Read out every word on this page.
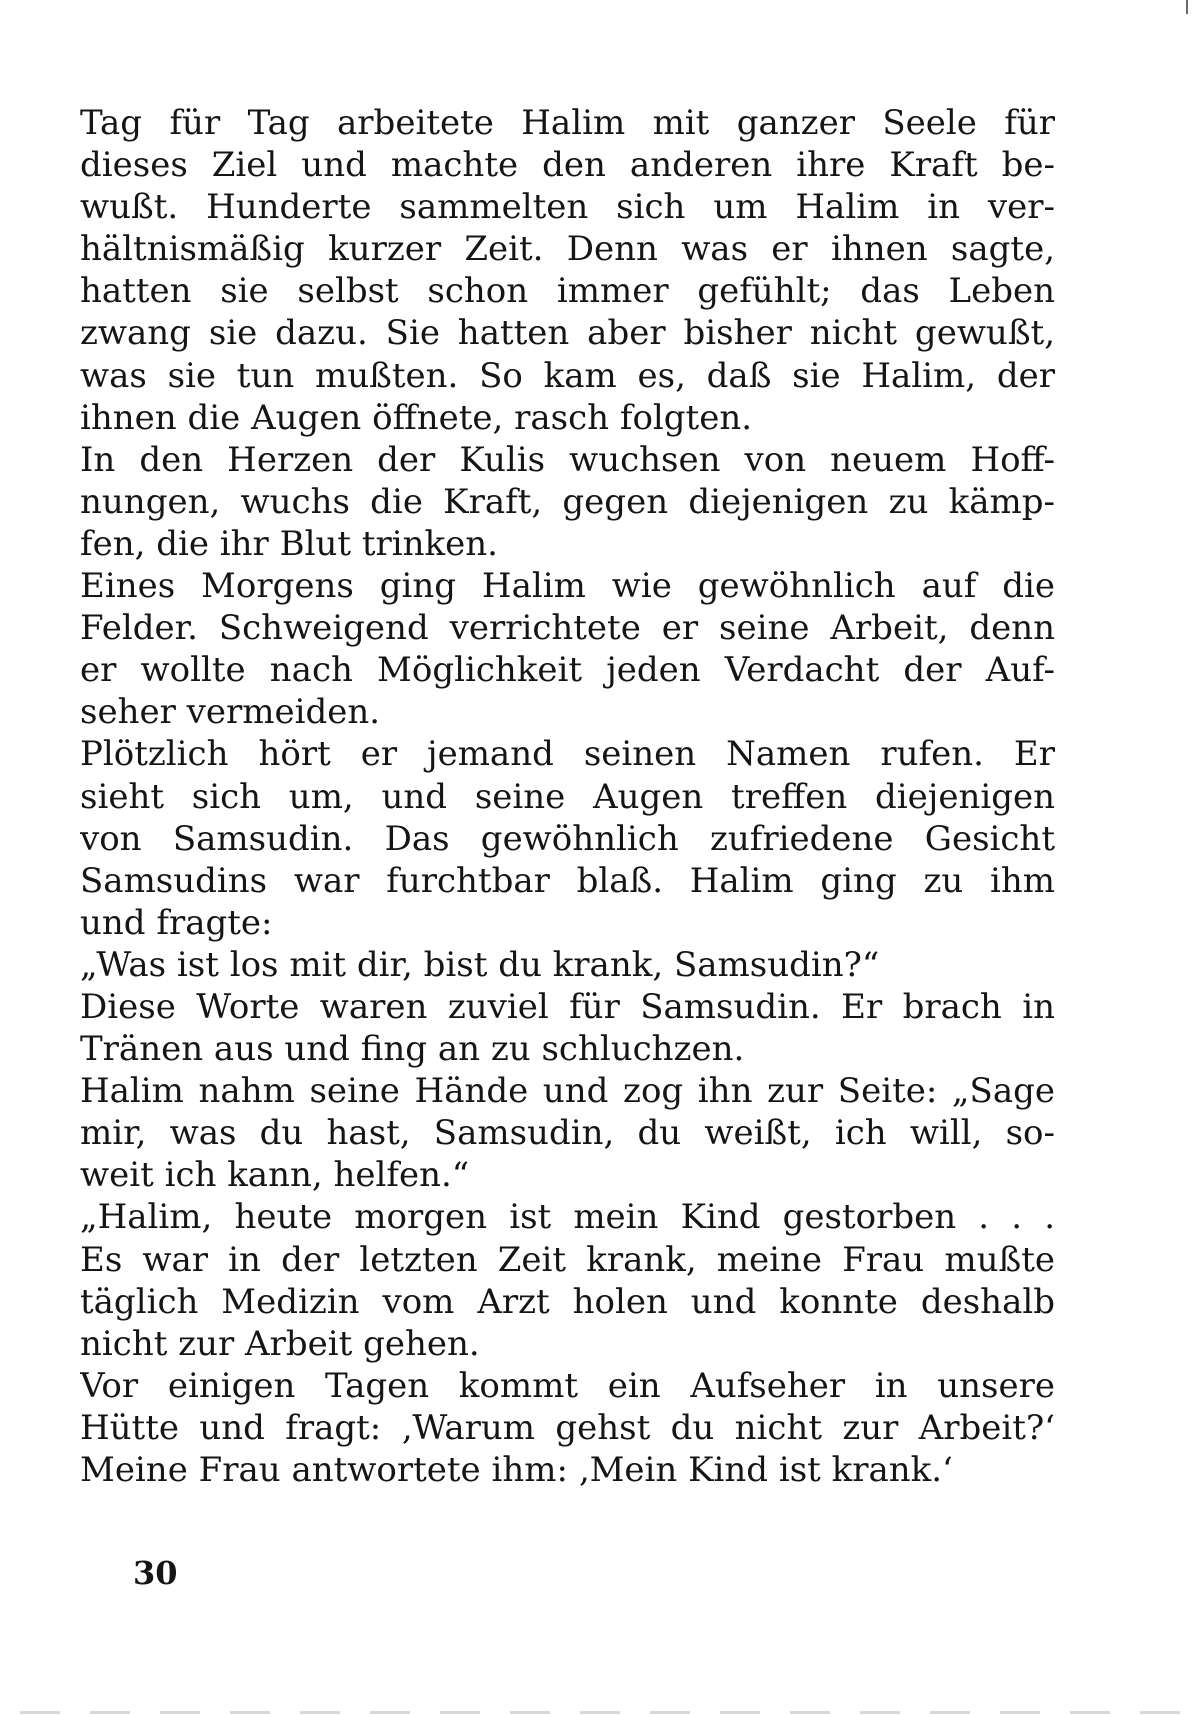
Tag für Tag arbeitete Halim mit ganzer Seele für
dieses Ziel und machte den anderen ihre Kraft be-
wußt. Hunderte sammelten sich um Halim in ver-
hältnismäßig kurzer Zeit. Denn was er ihnen sagte,
hatten sie selbst schon immer gefühlt; das Leben
zwang sie dazu. Sie hatten aber bisher nicht gewußt,
was sie tun mußten. So kam es, daß sie Halim, der
ihnen die Augen öffnete, rasch folgten.
In den Herzen der Kulis wuchsen von neuem Hoff-
nungen, wuchs die Kraft, gegen diejenigen zu kämp-
fen, die ihr Blut trinken.
Eines Morgens ging Halim wie gewöhnlich auf die
Felder. Schweigend verrichtete er seine Arbeit, denn
er wollte nach Möglichkeit jeden Verdacht der Auf-
seher vermeiden.
Plötzlich hört er jemand seinen Namen rufen. Er
sieht sich um, und seine Augen treffen diejenigen
von Samsudin. Das gewöhnlich zufriedene Gesicht
Samsudins war furchtbar blaß. Halim ging zu ihm
und fragte:
„Was ist los mit dir, bist du krank, Samsudin?“
Diese Worte waren zuviel für Samsudin. Er brach in
Tränen aus und fing an zu schluchzen.
Halim nahm seine Hände und zog ihn zur Seite: „Sage
mir, was du hast, Samsudin, du weißt, ich will, so-
weit ich kann, helfen.“
„Halim, heute morgen ist mein Kind gestorben . . .
Es war in der letzten Zeit krank, meine Frau mußte
täglich Medizin vom Arzt holen und konnte deshalb
nicht zur Arbeit gehen.
Vor einigen Tagen kommt ein Aufseher in unsere
Hütte und fragt: ‚Warum gehst du nicht zur Arbeit?‘
Meine Frau antwortete ihm: ‚Mein Kind ist krank.‘
30
